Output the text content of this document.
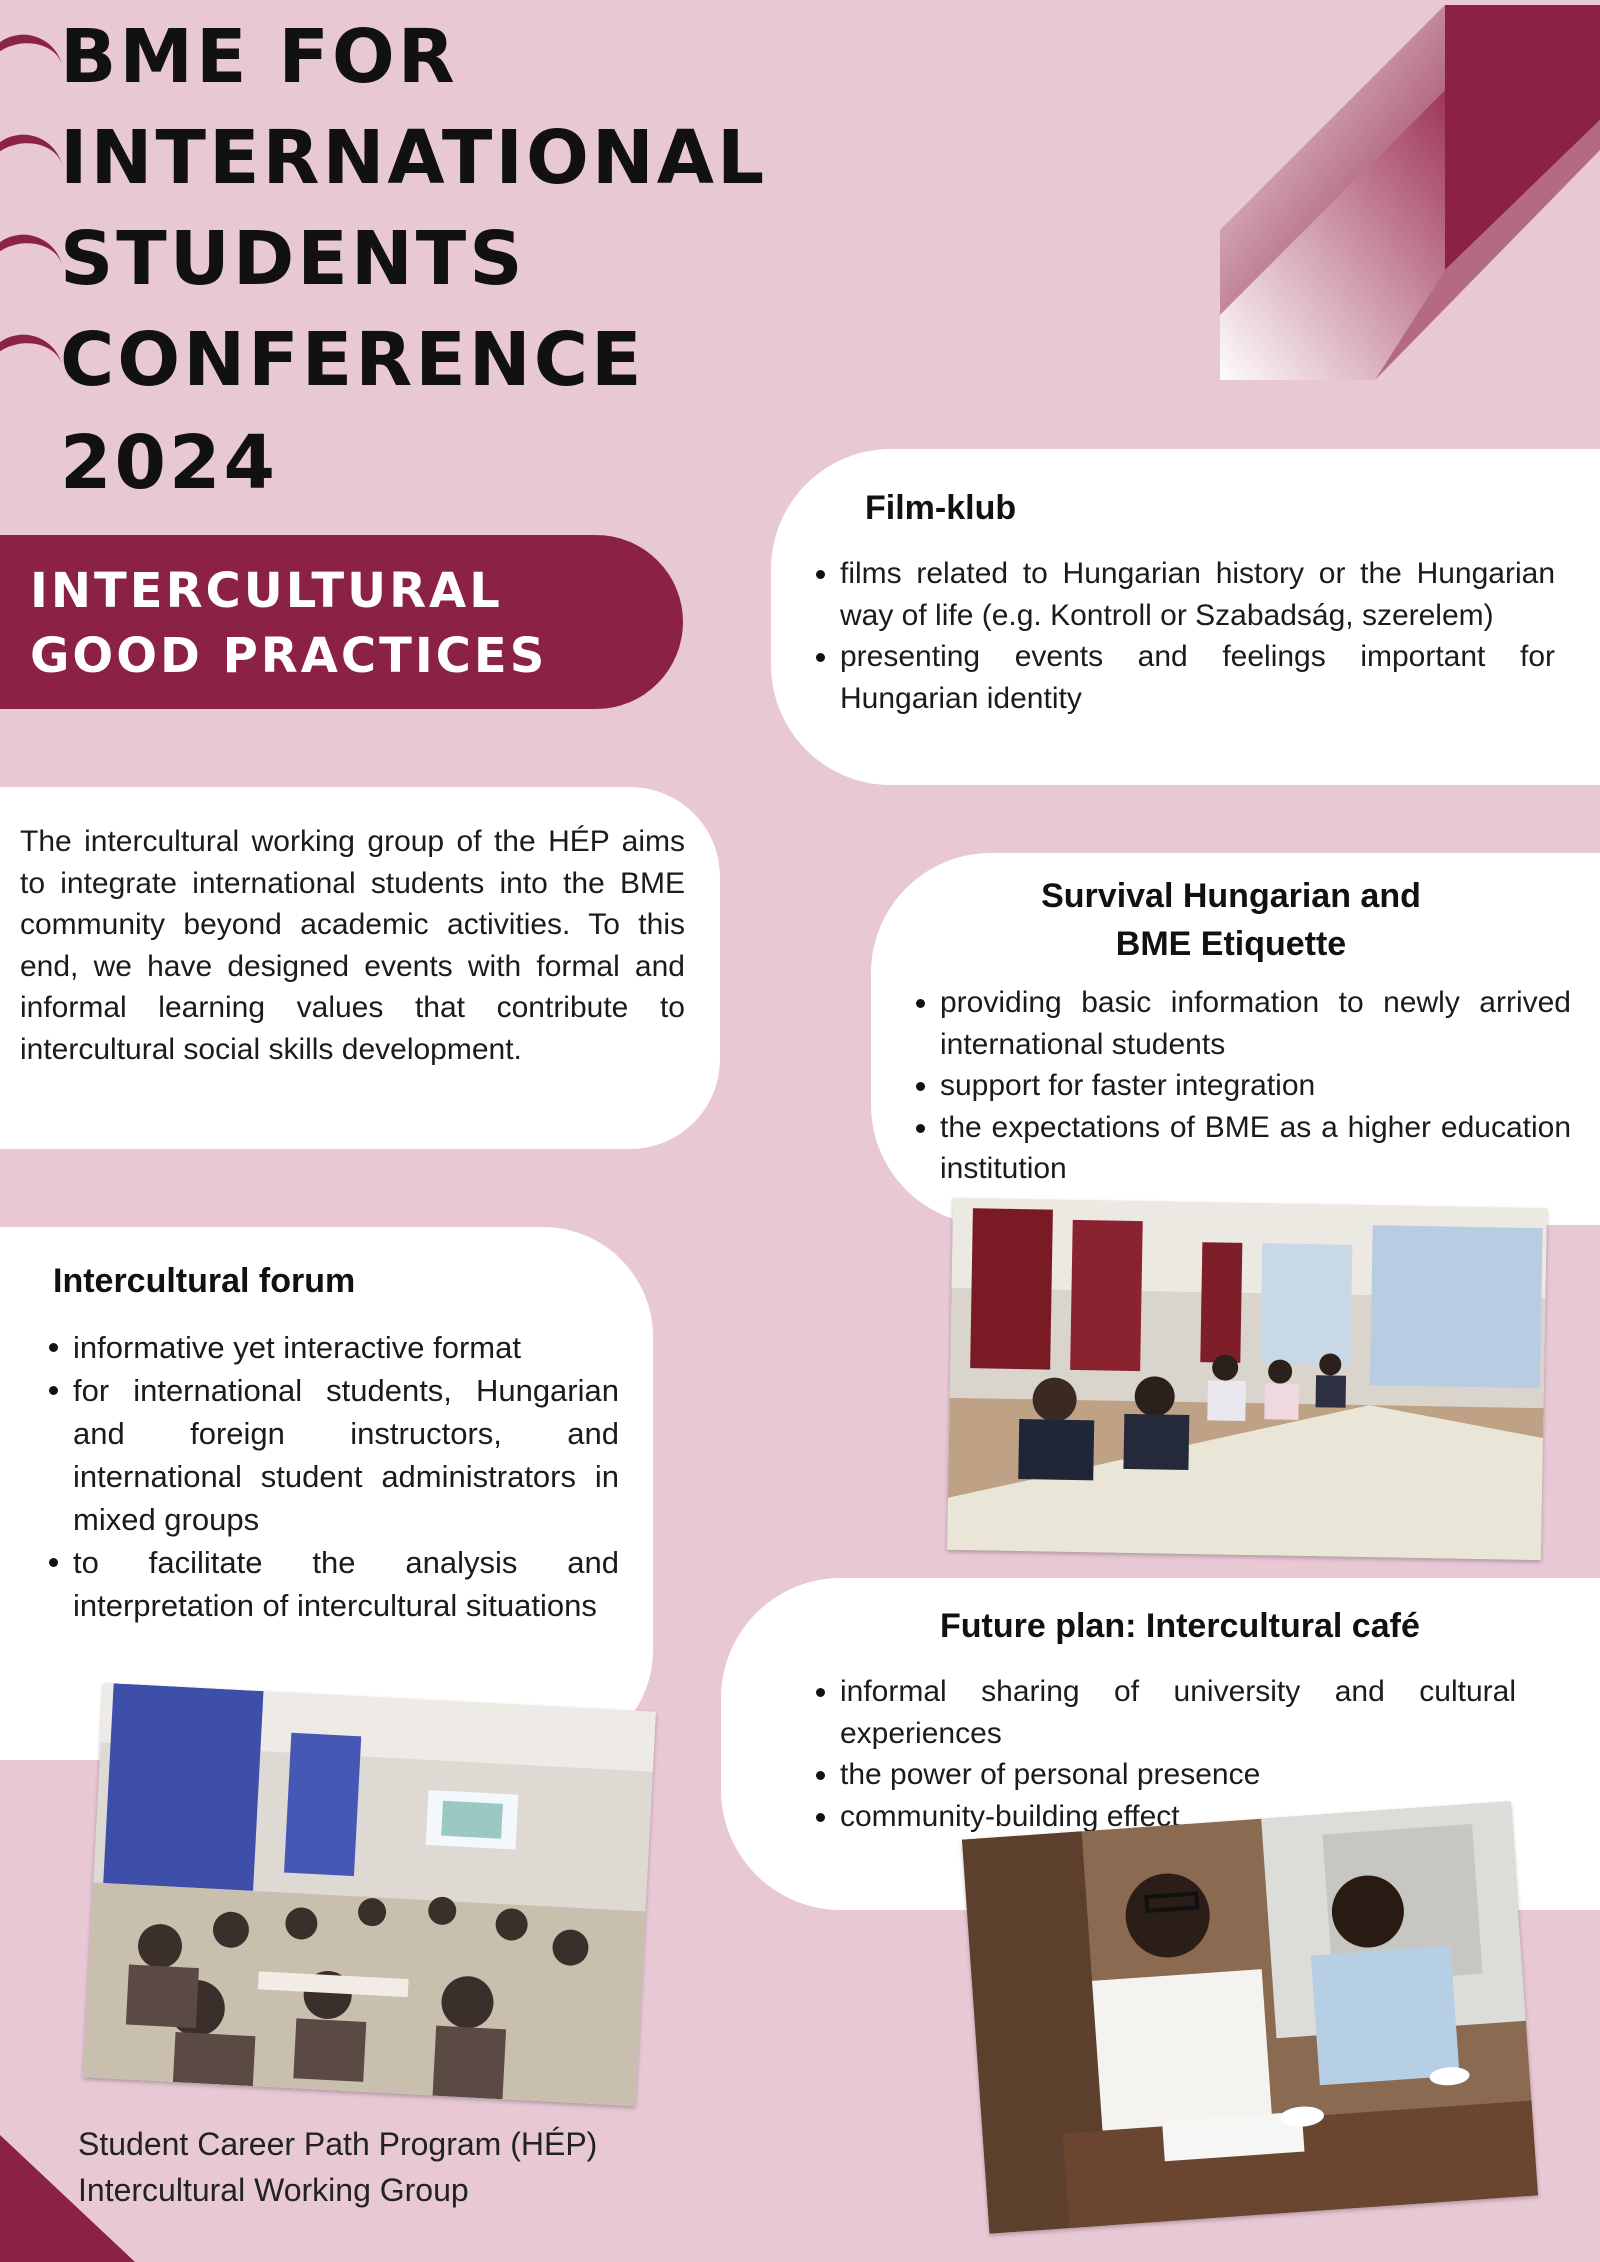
BME FOR
INTERNATIONAL
STUDENTS
CONFERENCE
2024
INTERCULTURAL
GOOD PRACTICES
The intercultural working group of the HÉP aims to integrate international students into the BME community beyond academic activities. To this end, we have designed events with formal and informal learning values that contribute to intercultural social skills development.
Film-klub
films related to Hungarian history or the Hungarian way of life (e.g. Kontroll or Szabadság, szerelem)
presenting events and feelings important for Hungarian identity
Survival Hungarian and
BME Etiquette
providing basic information to newly arrived international students
support for faster integration
the expectations of BME as a higher education institution
Intercultural forum
informative yet interactive format
for international students, Hungarian and foreign instructors, and international student administrators in mixed groups
to facilitate the analysis and interpretation of intercultural situations
Future plan: Intercultural café
informal sharing of university and cultural experiences
the power of personal presence
community-building effect
Student Career Path Program (HÉP)
Intercultural Working Group
